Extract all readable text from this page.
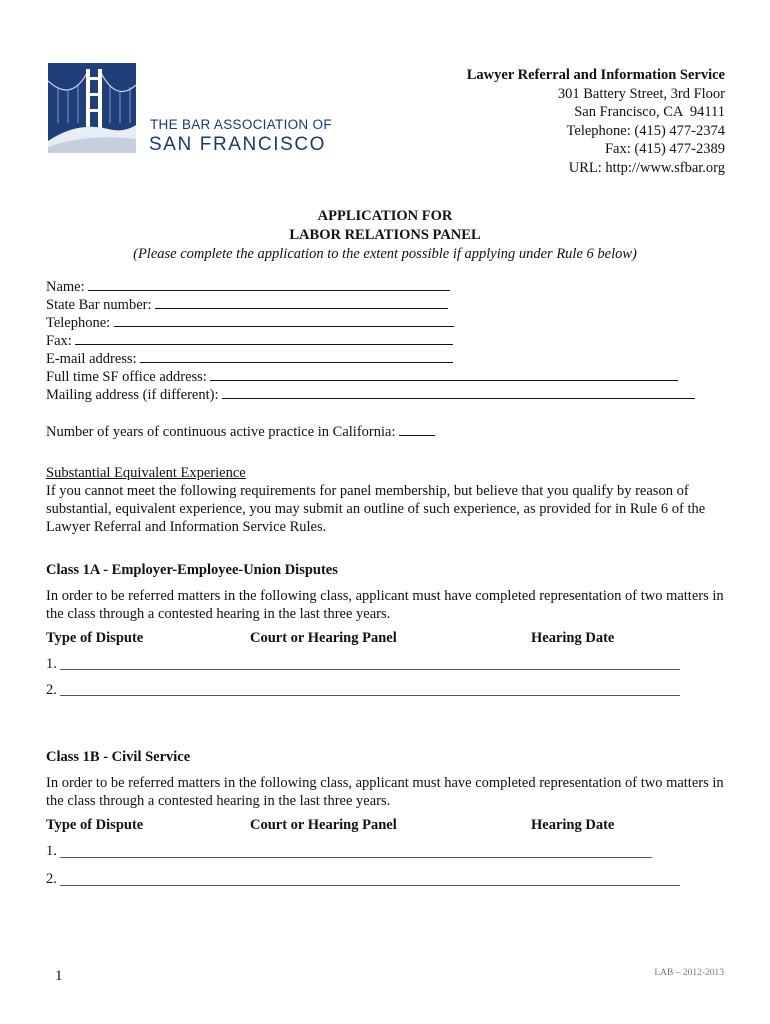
THE BAR ASSOCIATION OF
SAN FRANCISCO
Lawyer Referral and Information Service
301 Battery Street, 3rd Floor
San Francisco, CA  94111
Telephone: (415) 477-2374
Fax: (415) 477-2389
URL: http://www.sfbar.org
APPLICATION FOR
LABOR RELATIONS PANEL
(Please complete the application to the extent possible if applying under Rule 6 below)
Name:
State Bar number:
Telephone:
Fax:
E-mail address:
Full time SF office address:
Mailing address (if different):
Number of years of continuous active practice in California:
Substantial Equivalent Experience
If you cannot meet the following requirements for panel membership, but believe that you qualify by reason of substantial, equivalent experience, you may submit an outline of such experience, as provided for in Rule 6 of the Lawyer Referral and Information Service Rules.
Class 1A - Employer-Employee-Union Disputes
In order to be referred matters in the following class, applicant must have completed representation of two matters in the class through a contested hearing in the last three years.
Type of Dispute	Court or Hearing Panel	Hearing Date
1.
2.
Class 1B - Civil Service
In order to be referred matters in the following class, applicant must have completed representation of two matters in the class through a contested hearing in the last three years.
Type of Dispute	Court or Hearing Panel	Hearing Date
1.
2.
1	LAB – 2012-2013
